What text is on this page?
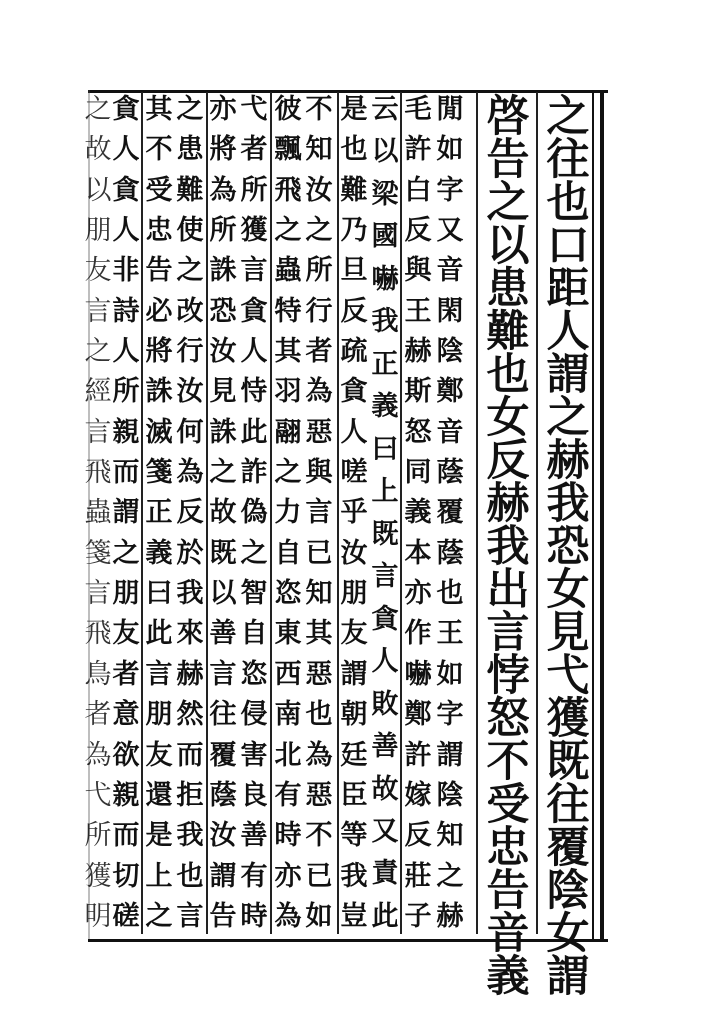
之
往
也
口
距
人
謂
之
赫
我
恐
女
見
弋
獲
既
往
覆
陰
女
謂
啓
告
之
以
患
難
也
女
反
赫
我
出
言
悖
怒
不
受
忠
告
音
義
閒
如
字
又
音
閑
陰
鄭
音
蔭
覆
蔭
也
王
如
字
謂
陰
知
之
赫
毛
許
白
反
與
王
赫
斯
怒
同
義
本
亦
作
嚇
鄭
許
嫁
反
莊
子
云
以
梁
國
嚇
我
正
義
曰
上
既
言
貪
人
敗
善
故
又
責
此
是
也
難
乃
旦
反
疏
貪
人
嗟
乎
汝
朋
友
謂
朝
廷
臣
等
我
豈
不
知
汝
之
所
行
者
為
惡
與
言
已
知
其
惡
也
為
惡
不
已
如
彼
飄
飛
之
蟲
特
其
羽
翮
之
力
自
恣
東
西
南
北
有
時
亦
為
弋
者
所
獲
言
貪
人
恃
此
詐
偽
之
智
自
恣
侵
害
良
善
有
時
亦
將
為
所
誅
恐
汝
見
誅
之
故
既
以
善
言
往
覆
蔭
汝
謂
告
之
患
難
使
之
改
行
汝
何
為
反
於
我
來
赫
然
而
拒
我
也
言
其
不
受
忠
告
必
將
誅
滅
箋
正
義
曰
此
言
朋
友
還
是
上
之
貪
人
貪
人
非
詩
人
所
親
而
謂
之
朋
友
者
意
欲
親
而
切
磋
之
故
以
朋
友
言
之
經
言
飛
蟲
箋
言
飛
鳥
者
為
弋
所
獲
明
